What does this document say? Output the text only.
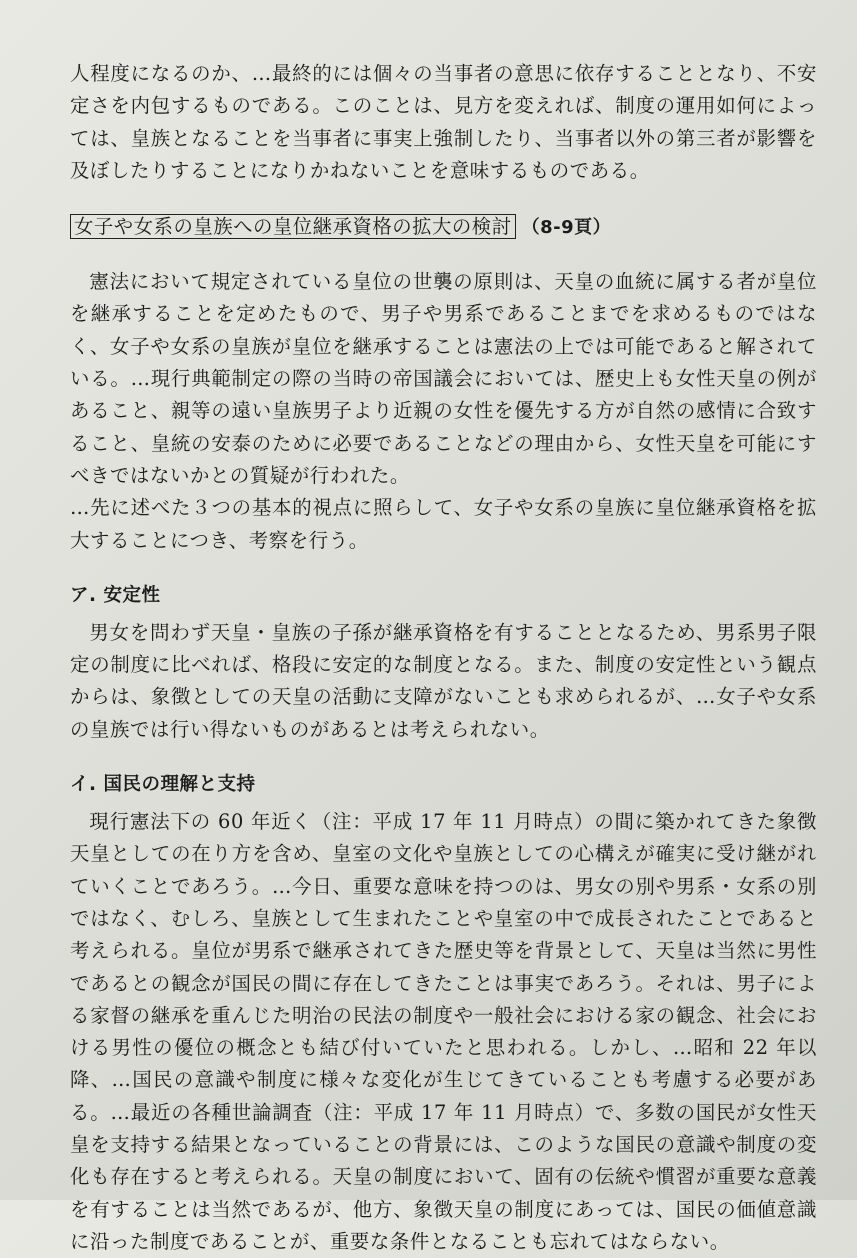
人程度になるのか、…最終的には個々の当事者の意思に依存することとなり、不安定さを内包するものである。このことは、見方を変えれば、制度の運用如何によっては、皇族となることを当事者に事実上強制したり、当事者以外の第三者が影響を及ぼしたりすることになりかねないことを意味するものである。

女子や女系の皇族への皇位継承資格の拡大の検討 （8-9頁）

憲法において規定されている皇位の世襲の原則は、天皇の血統に属する者が皇位を継承することを定めたもので、男子や男系であることまでを求めるものではなく、女子や女系の皇族が皇位を継承することは憲法の上では可能であると解されている。…現行典範制定の際の当時の帝国議会においては、歴史上も女性天皇の例があること、親等の遠い皇族男子より近親の女性を優先する方が自然の感情に合致すること、皇統の安泰のために必要であることなどの理由から、女性天皇を可能にすべきではないかとの質疑が行われた。

…先に述べた３つの基本的視点に照らして、女子や女系の皇族に皇位継承資格を拡大することにつき、考察を行う。

ア. 安定性

男女を問わず天皇・皇族の子孫が継承資格を有することとなるため、男系男子限定の制度に比べれば、格段に安定的な制度となる。また、制度の安定性という観点からは、象徴としての天皇の活動に支障がないことも求められるが、…女子や女系の皇族では行い得ないものがあるとは考えられない。

イ. 国民の理解と支持

現行憲法下の 60 年近く（注：平成 17 年 11 月時点）の間に築かれてきた象徴天皇としての在り方を含め、皇室の文化や皇族としての心構えが確実に受け継がれていくことであろう。…今日、重要な意味を持つのは、男女の別や男系・女系の別ではなく、むしろ、皇族として生まれたことや皇室の中で成長されたことであると考えられる。皇位が男系で継承されてきた歴史等を背景として、天皇は当然に男性であるとの観念が国民の間に存在してきたことは事実であろう。それは、男子による家督の継承を重んじた明治の民法の制度や一般社会における家の観念、社会における男性の優位の概念とも結び付いていたと思われる。しかし、…昭和 22 年以降、…国民の意識や制度に様々な変化が生じてきていることも考慮する必要がある。…最近の各種世論調査（注：平成 17 年 11 月時点）で、多数の国民が女性天皇を支持する結果となっていることの背景には、このような国民の意識や制度の変化も存在すると考えられる。天皇の制度において、固有の伝統や慣習が重要な意義を有することは当然であるが、他方、象徴天皇の制度にあっては、国民の価値意識に沿った制度であることが、重要な条件となることも忘れてはならない。
